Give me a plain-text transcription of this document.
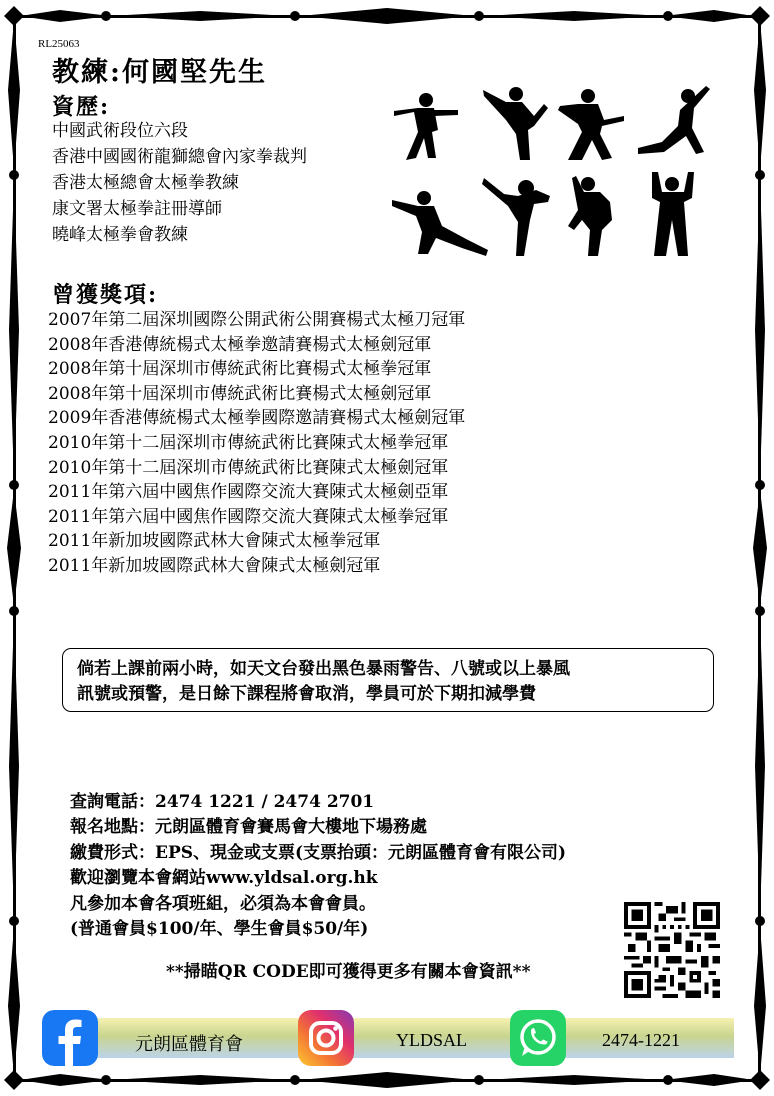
RL25063
教練:何國堅先生
資歷:
中國武術段位六段
香港中國國術龍獅總會內家拳裁判
香港太極總會太極拳教練
康文署太極拳註冊導師
曉峰太極拳會教練
曾獲獎項:
2007年第二屆深圳國際公開武術公開賽楊式太極刀冠軍
2008年香港傳統楊式太極拳邀請賽楊式太極劍冠軍
2008年第十屆深圳市傳統武術比賽楊式太極拳冠軍
2008年第十屆深圳市傳統武術比賽楊式太極劍冠軍
2009年香港傳統楊式太極拳國際邀請賽楊式太極劍冠軍
2010年第十二屆深圳市傳統武術比賽陳式太極拳冠軍
2010年第十二屆深圳市傳統武術比賽陳式太極劍冠軍
2011年第六屆中國焦作國際交流大賽陳式太極劍亞軍
2011年第六屆中國焦作國際交流大賽陳式太極拳冠軍
2011年新加坡國際武林大會陳式太極拳冠軍
2011年新加坡國際武林大會陳式太極劍冠軍
倘若上課前兩小時，如天文台發出黑色暴雨警告、八號或以上暴風
訊號或預警，是日餘下課程將會取消，學員可於下期扣減學費
查詢電話：2474 1221 / 2474 2701
報名地點：元朗區體育會賽馬會大樓地下場務處
繳費形式：EPS、現金或支票(支票抬頭：元朗區體育會有限公司)
歡迎瀏覽本會網站www.yldsal.org.hk
凡參加本會各項班組，必須為本會會員。
(普通會員$100/年、學生會員$50/年)
**掃瞄QR CODE即可獲得更多有關本會資訊**
元朗區體育會	YLDSAL	2474-1221
